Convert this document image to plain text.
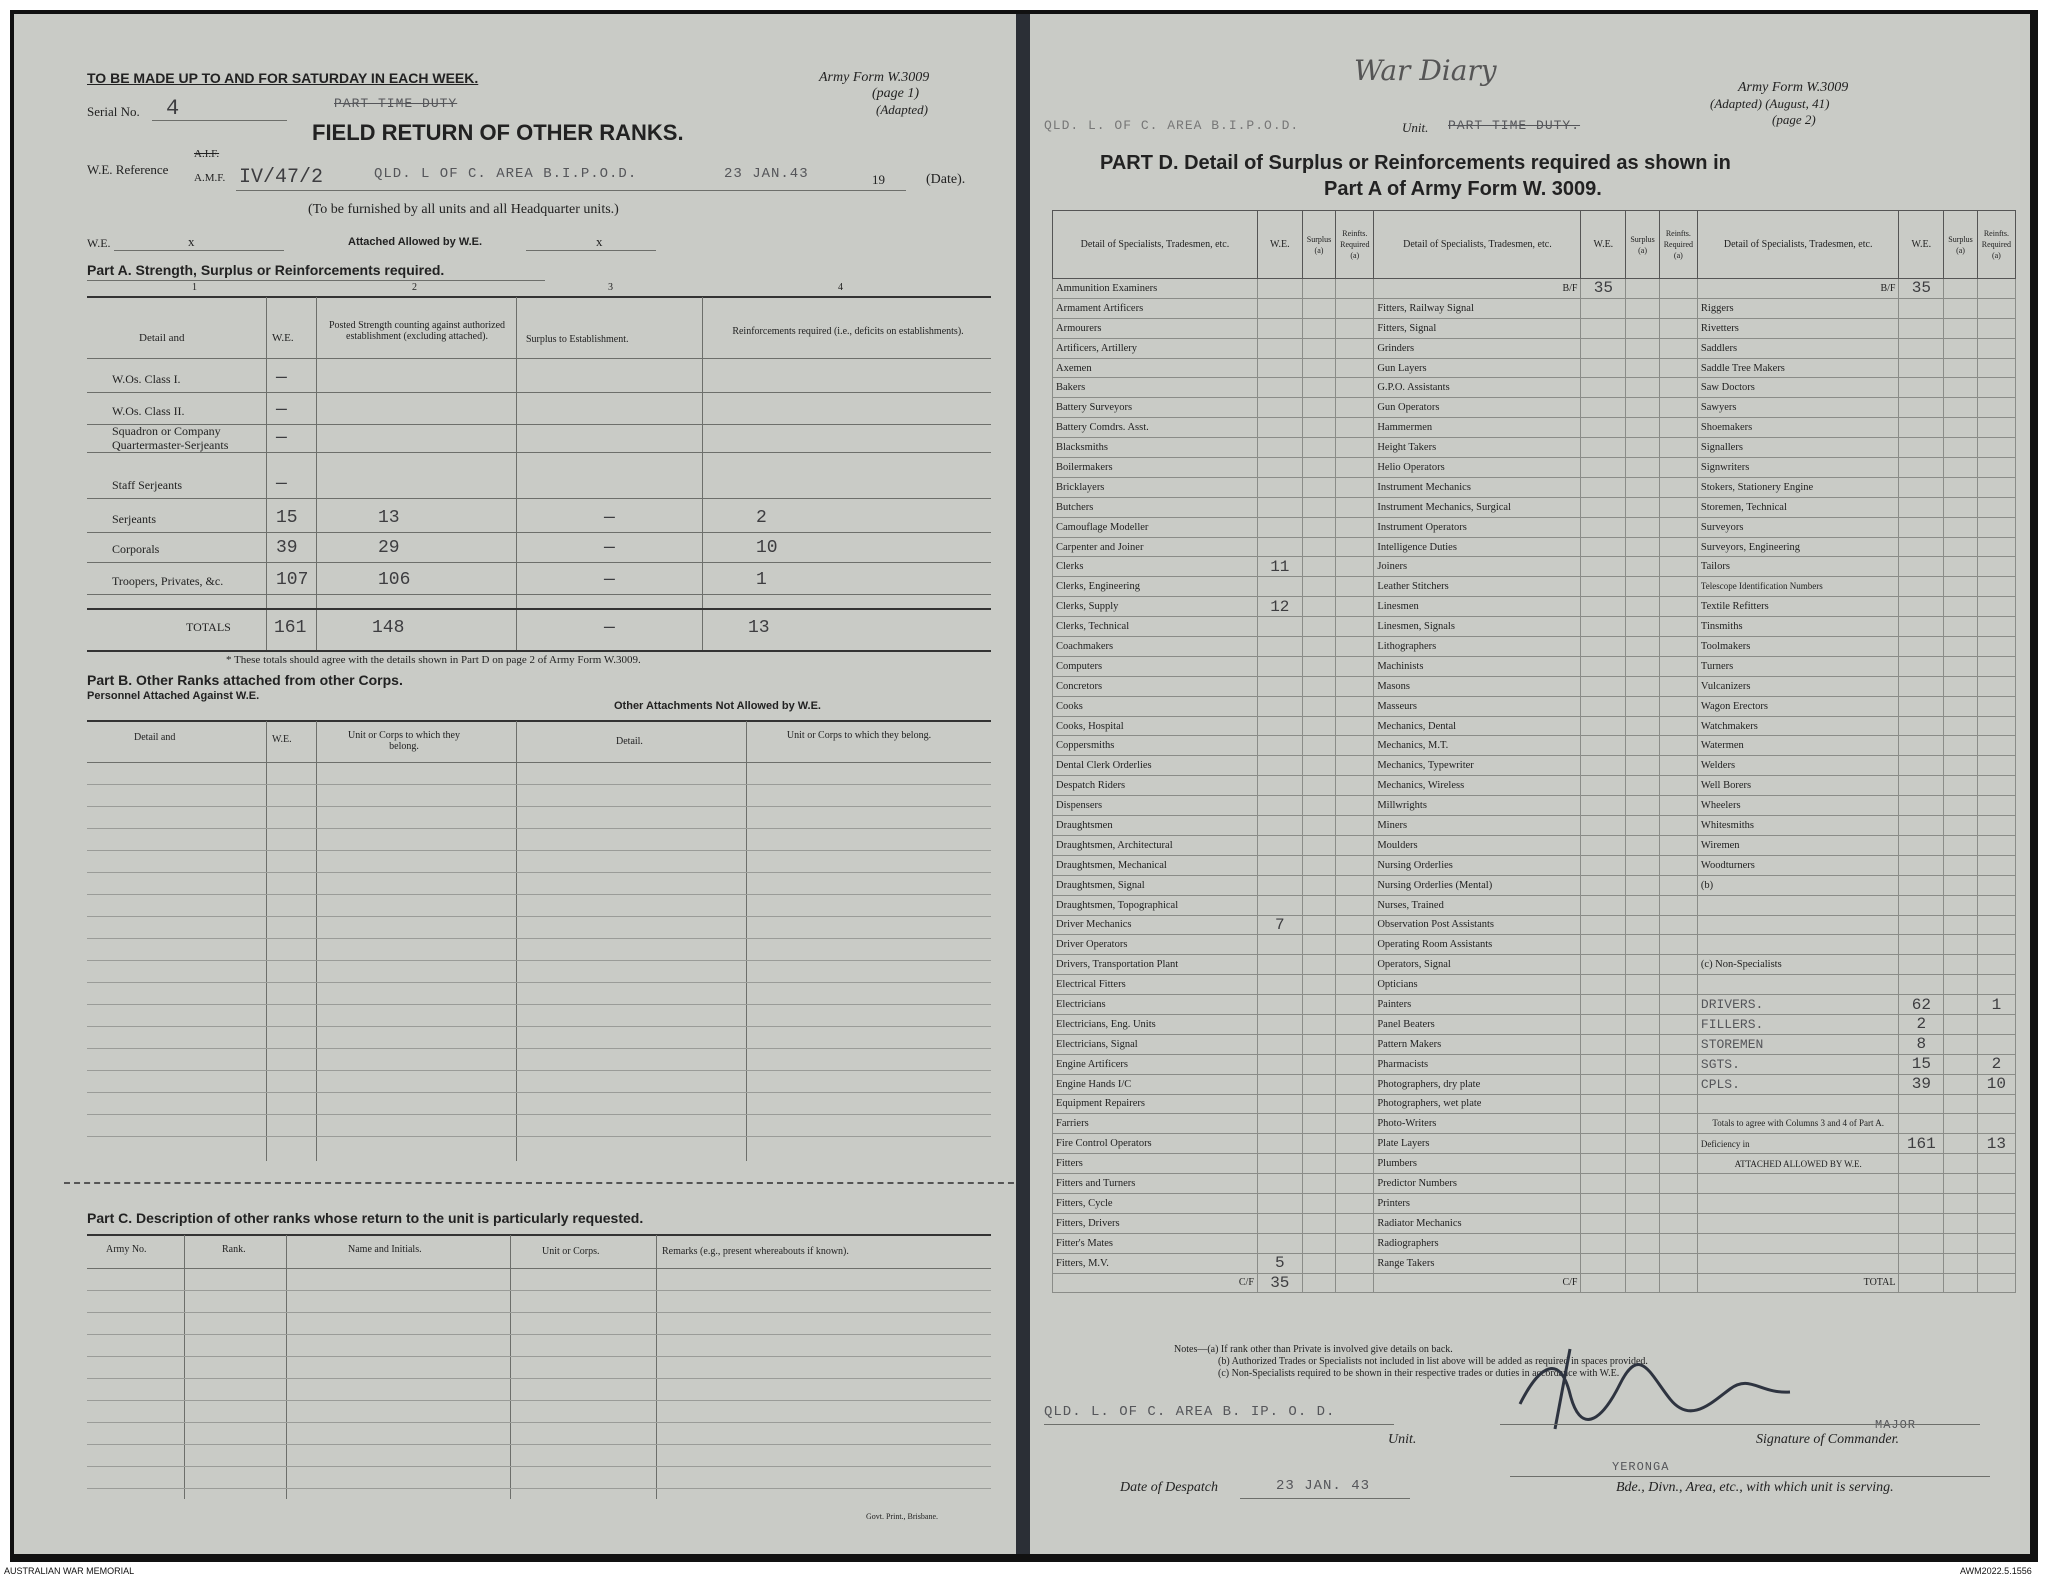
TO BE MADE UP TO AND FOR SATURDAY IN EACH WEEK.	Army Form W.3009
(page 1)
(Adapted)
Serial No. 4	PART TIME DUTY
FIELD RETURN OF OTHER RANKS.
W.E. Reference
A.I.F.
A.M.F. IV/47/2	QLD. L OF C. AREA B.I.P.O.D.	23 JAN.43	19	(Date).
(To be furnished by all units and all Headquarter units.)
W.E.	x	Attached Allowed by W.E.	x
Part A. Strength, Surplus or Reinforcements required.
1	2	3	4
Detail and	W.E.
Posted Strength counting against authorized establishment (excluding attached).	Surplus to Establishment.
Reinforcements required (i.e., deficits on establishments).
W.Os. Class I.	—
W.Os. Class II.	—
Squadron or Company Quartermaster-Serjeants	—
Staff Serjeants	—
Serjeants	15	13	—	2
Corporals	39	29	—	10
Troopers, Privates, &c.	107	106	—	1
TOTALS 161	148	—	13
* These totals should agree with the details shown in Part D on page 2 of Army Form W.3009.
Part B. Other Ranks attached from other Corps.
Personnel Attached Against W.E.
Other Attachments Not Allowed by W.E.
Detail and	W.E.	Unit or Corps to which they belong.	Detail.
Unit or Corps to which they belong.
Part C. Description of other ranks whose return to the unit is particularly requested.
Army No.	Rank.	Name and Initials.	Unit or Corps.	Remarks (e.g., present whereabouts if known).
Govt. Print., Brisbane.
War Diary
QLD. L. OF C. AREA B.I.P.O.D.	Unit. PART TIME DUTY.
Army Form W.3009
(Adapted) (August, 41)
(page 2)
PART D. Detail of Surplus or Reinforcements required as shown in
Part A of Army Form W. 3009.
Detail of Specialists, Tradesmen, etc.	W.E.	Surplus (a)	Reinfts. Required (a)	Detail of Specialists, Tradesmen, etc.	W.E.	Surplus (a)	Reinfts. Required (a)	Detail of Specialists, Tradesmen, etc.	W.E.	Surplus (a)	Reinfts. Required (a)
Ammunition Examiners				B/F	35			B/F	35		
Armament Artificers				Fitters, Railway Signal				Riggers			
Armourers				Fitters, Signal				Rivetters			
Artificers, Artillery				Grinders				Saddlers			
Axemen				Gun Layers				Saddle Tree Makers			
Bakers				G.P.O. Assistants				Saw Doctors			
Battery Surveyors				Gun Operators				Sawyers			
Battery Comdrs. Asst.				Hammermen				Shoemakers			
Blacksmiths				Height Takers				Signallers			
Boilermakers				Helio Operators				Signwriters			
Bricklayers				Instrument Mechanics				Stokers, Stationery Engine			
Butchers				Instrument Mechanics, Surgical				Storemen, Technical			
Camouflage Modeller				Instrument Operators				Surveyors			
Carpenter and Joiner				Intelligence Duties				Surveyors, Engineering			
Clerks	11			Joiners				Tailors			
Clerks, Engineering				Leather Stitchers				Telescope Identification Numbers			
Clerks, Supply	12			Linesmen				Textile Refitters			
Clerks, Technical				Linesmen, Signals				Tinsmiths			
Coachmakers				Lithographers				Toolmakers			
Computers				Machinists				Turners			
Concretors				Masons				Vulcanizers			
Cooks				Masseurs				Wagon Erectors			
Cooks, Hospital				Mechanics, Dental				Watchmakers			
Coppersmiths				Mechanics, M.T.				Watermen			
Dental Clerk Orderlies				Mechanics, Typewriter				Welders			
Despatch Riders				Mechanics, Wireless				Well Borers			
Dispensers				Millwrights				Wheelers			
Draughtsmen				Miners				Whitesmiths			
Draughtsmen, Architectural				Moulders				Wiremen			
Draughtsmen, Mechanical				Nursing Orderlies				Woodturners			
Draughtsmen, Signal				Nursing Orderlies (Mental)				(b)			
Draughtsmen, Topographical				Nurses, Trained							
Driver Mechanics	7			Observation Post Assistants							
Driver Operators				Operating Room Assistants							
Drivers, Transportation Plant				Operators, Signal				(c) Non-Specialists			
Electrical Fitters				Opticians							
Electricians				Painters				DRIVERS.	62		1
Electricians, Eng. Units				Panel Beaters				FILLERS.	2		
Electricians, Signal				Pattern Makers				STOREMEN	8		
Engine Artificers				Pharmacists				SGTS.	15		2
Engine Hands I/C				Photographers, dry plate				CPLS.	39		10
Equipment Repairers				Photographers, wet plate							
Farriers				Photo-Writers				Totals to agree with Columns 3 and 4 of Part A.			
Fire Control Operators				Plate Layers				Deficiency in	161		13
Fitters				Plumbers				ATTACHED ALLOWED BY W.E.			
Fitters and Turners				Predictor Numbers							
Fitters, Cycle				Printers							
Fitters, Drivers				Radiator Mechanics							
Fitter's Mates				Radiographers							
Fitters, M.V.	5			Range Takers							
C/F	35			C/F				TOTAL			
Notes—(a) If rank other than Private is involved give details on back.
(b) Authorized Trades or Specialists not included in list above will be added as required in spaces provided.
(c) Non-Specialists required to be shown in their respective trades or duties in accordance with W.E.
QLD. L. OF C. AREA B. IP. O. D.
Unit.
MAJOR
Signature of Commander.
Date of Despatch	23 JAN. 43
YERONGA
Bde., Divn., Area, etc., with which unit is serving.
AUSTRALIAN WAR MEMORIAL	AWM2022.5.1556
